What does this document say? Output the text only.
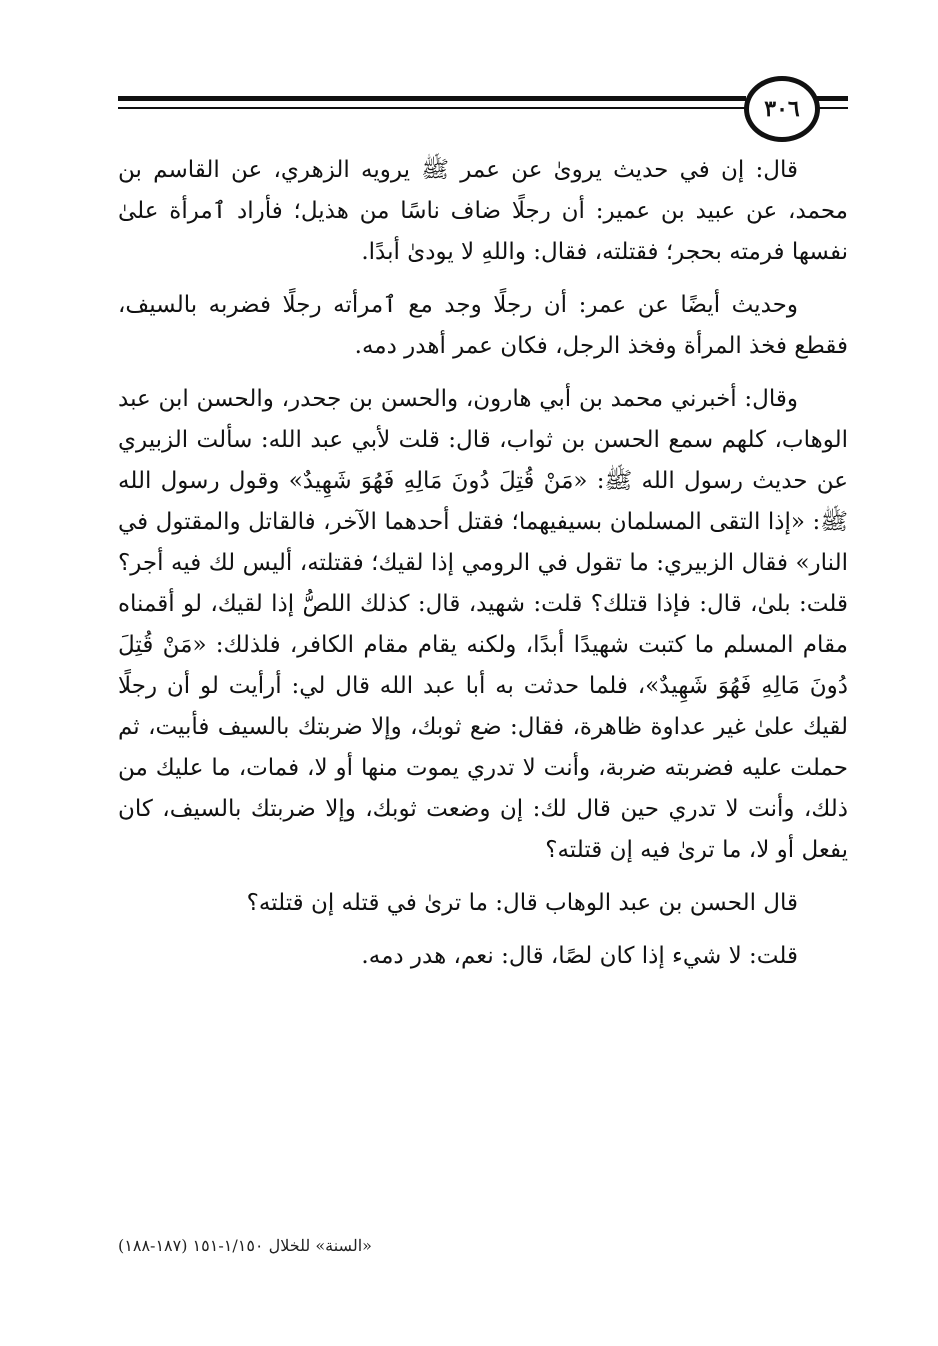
٣٠٦

قال: إن في حديث يروىٰ عن عمر ﷺ يرويه الزهري، عن القاسم بن محمد، عن عبيد بن عمير: أن رجلًا ضاف ناسًا من هذيل؛ فأراد ٱمرأة علىٰ نفسها فرمته بحجر؛ فقتلته، فقال: واللهِ لا يودىٰ أبدًا.

وحديث أيضًا عن عمر: أن رجلًا وجد مع ٱمرأته رجلًا فضربه بالسيف، فقطع فخذ المرأة وفخذ الرجل، فكان عمر أهدر دمه.

وقال: أخبرني محمد بن أبي هارون، والحسن بن جحدر، والحسن ابن عبد الوهاب، كلهم سمع الحسن بن ثواب، قال: قلت لأبي عبد الله: سألت الزبيري عن حديث رسول الله ﷺ: «مَنْ قُتِلَ دُونَ مَالِهِ فَهُوَ شَهِيدٌ» وقول رسول الله ﷺ: «إذا التقى المسلمان بسيفيهما؛ فقتل أحدهما الآخر، فالقاتل والمقتول في النار» فقال الزبيري: ما تقول في الرومي إذا لقيك؛ فقتلته، أليس لك فيه أجر؟ قلت: بلىٰ، قال: فإذا قتلك؟ قلت: شهيد، قال: كذلك اللصُّ إذا لقيك، لو أقمناه مقام المسلم ما كتبت شهيدًا أبدًا، ولكنه يقام مقام الكافر، فلذلك: «مَنْ قُتِلَ دُونَ مَالِهِ فَهُوَ شَهِيدٌ»، فلما حدثت به أبا عبد الله قال لي: أرأيت لو أن رجلًا لقيك علىٰ غير عداوة ظاهرة، فقال: ضع ثوبك، وإلا ضربتك بالسيف فأبيت، ثم حملت عليه فضربته ضربة، وأنت لا تدري يموت منها أو لا، فمات، ما عليك من ذلك، وأنت لا تدري حين قال لك: إن وضعت ثوبك، وإلا ضربتك بالسيف، كان يفعل أو لا، ما ترىٰ فيه إن قتلته؟

قال الحسن بن عبد الوهاب قال: ما ترىٰ في قتله إن قتلته؟

قلت: لا شيء إذا كان لصًا، قال: نعم، هدر دمه.

«السنة» للخلال ١/١٥٠-١٥١ (١٨٧-١٨٨)
